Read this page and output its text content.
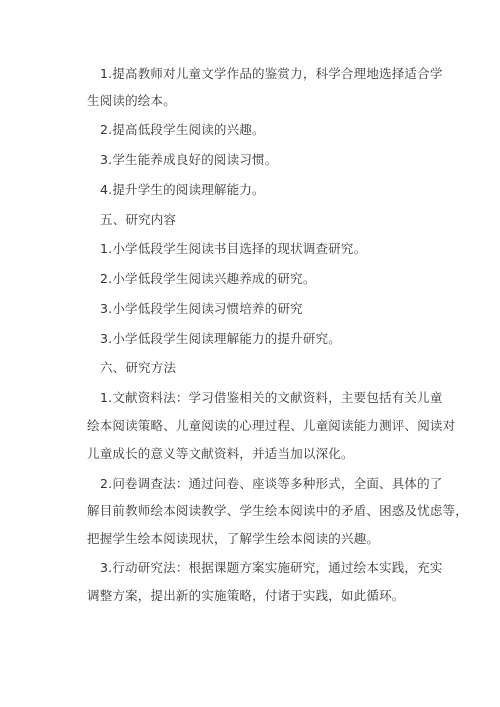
1.提高教师对儿童文学作品的鉴赏力，科学合理地选择适合学
生阅读的绘本。
2.提高低段学生阅读的兴趣。
3.学生能养成良好的阅读习惯。
4.提升学生的阅读理解能力。
五、研究内容
1.小学低段学生阅读书目选择的现状调查研究。
2.小学低段学生阅读兴趣养成的研究。
3.小学低段学生阅读习惯培养的研究
3.小学低段学生阅读理解能力的提升研究。
六、研究方法
1.文献资料法：学习借鉴相关的文献资料，主要包括有关儿童
绘本阅读策略、儿童阅读的心理过程、儿童阅读能力测评、阅读对
儿童成长的意义等文献资料，并适当加以深化。
2.问卷调查法：通过问卷、座谈等多种形式，全面、具体的了
解目前教师绘本阅读教学、学生绘本阅读中的矛盾、困惑及忧虑等，
把握学生绘本阅读现状，了解学生绘本阅读的兴趣。
3.行动研究法：根据课题方案实施研究，通过绘本实践，充实
调整方案，提出新的实施策略，付诸于实践，如此循环。
